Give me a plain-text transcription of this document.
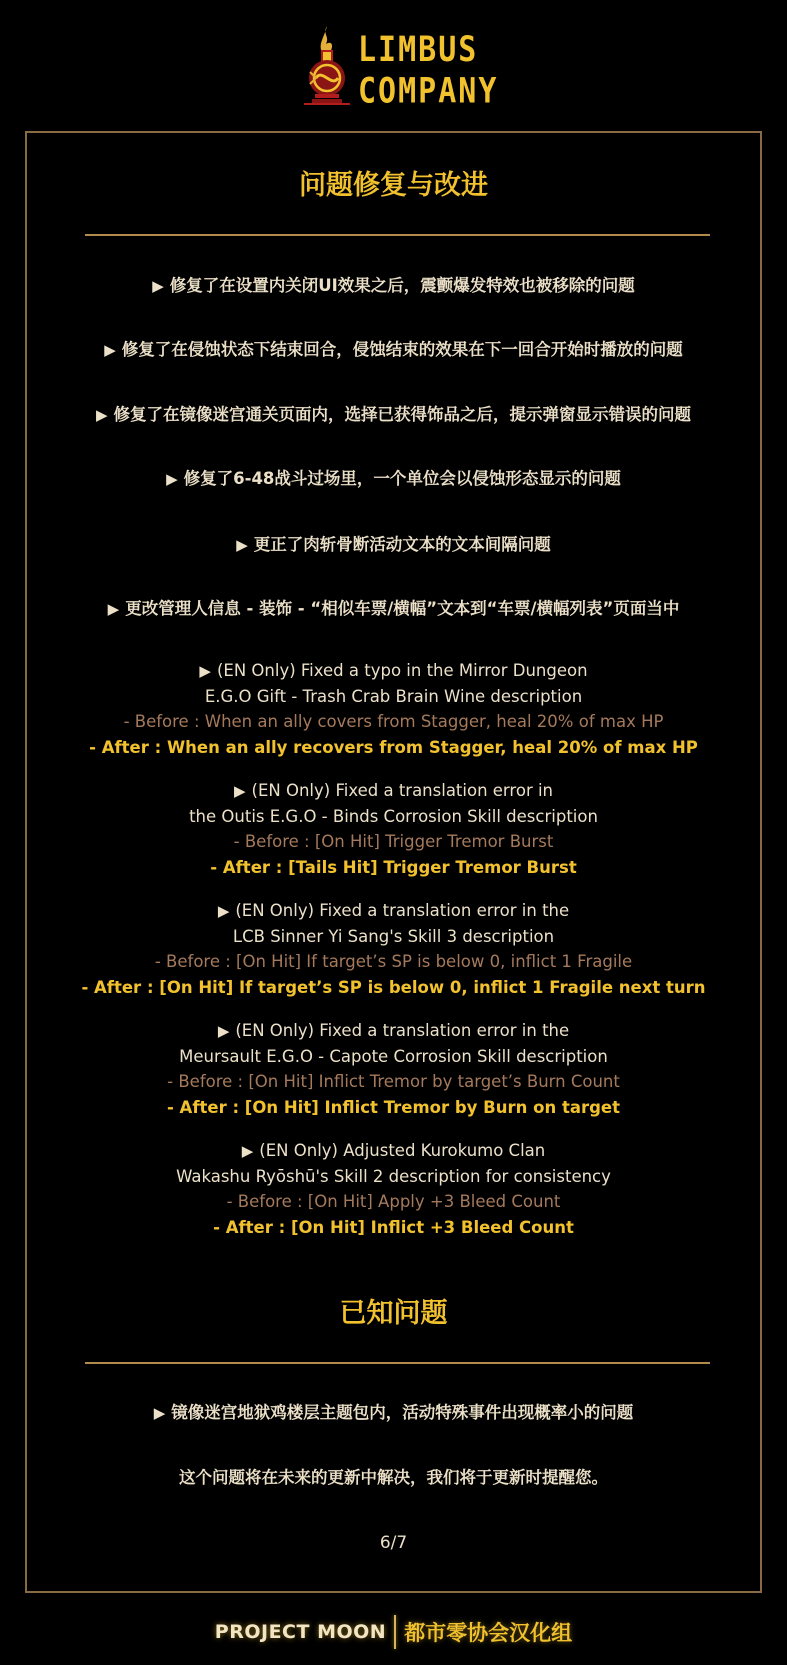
LIMBUS
COMPANY
问题修复与改进
▶ 修复了在设置内关闭UI效果之后，震颤爆发特效也被移除的问题
▶ 修复了在侵蚀状态下结束回合，侵蚀结束的效果在下一回合开始时播放的问题
▶ 修复了在镜像迷宫通关页面内，选择已获得饰品之后，提示弹窗显示错误的问题
▶ 修复了6-48战斗过场里，一个单位会以侵蚀形态显示的问题
▶ 更正了肉斩骨断活动文本的文本间隔问题
▶ 更改管理人信息 - 装饰 - “相似车票/横幅”文本到“车票/横幅列表”页面当中
▶ (EN Only) Fixed a typo in the Mirror Dungeon
E.G.O Gift - Trash Crab Brain Wine description
- Before : When an ally covers from Stagger, heal 20% of max HP
- After : When an ally recovers from Stagger, heal 20% of max HP
▶ (EN Only) Fixed a translation error in
the Outis E.G.O - Binds Corrosion Skill description
- Before : [On Hit] Trigger Tremor Burst
- After : [Tails Hit] Trigger Tremor Burst
▶ (EN Only) Fixed a translation error in the
LCB Sinner Yi Sang's Skill 3 description
- Before : [On Hit] If target’s SP is below 0, inflict 1 Fragile
- After : [On Hit] If target’s SP is below 0, inflict 1 Fragile next turn
▶ (EN Only) Fixed a translation error in the
Meursault E.G.O - Capote Corrosion Skill description
- Before : [On Hit] Inflict Tremor by target’s Burn Count
- After : [On Hit] Inflict Tremor by Burn on target
▶ (EN Only) Adjusted Kurokumo Clan
Wakashu Ryōshū's Skill 2 description for consistency
- Before : [On Hit] Apply +3 Bleed Count
- After : [On Hit] Inflict +3 Bleed Count
已知问题
▶ 镜像迷宫地狱鸡楼层主题包内，活动特殊事件出现概率小的问题
这个问题将在未来的更新中解决，我们将于更新时提醒您。
6/7
PROJECT MOON 都市零协会汉化组
